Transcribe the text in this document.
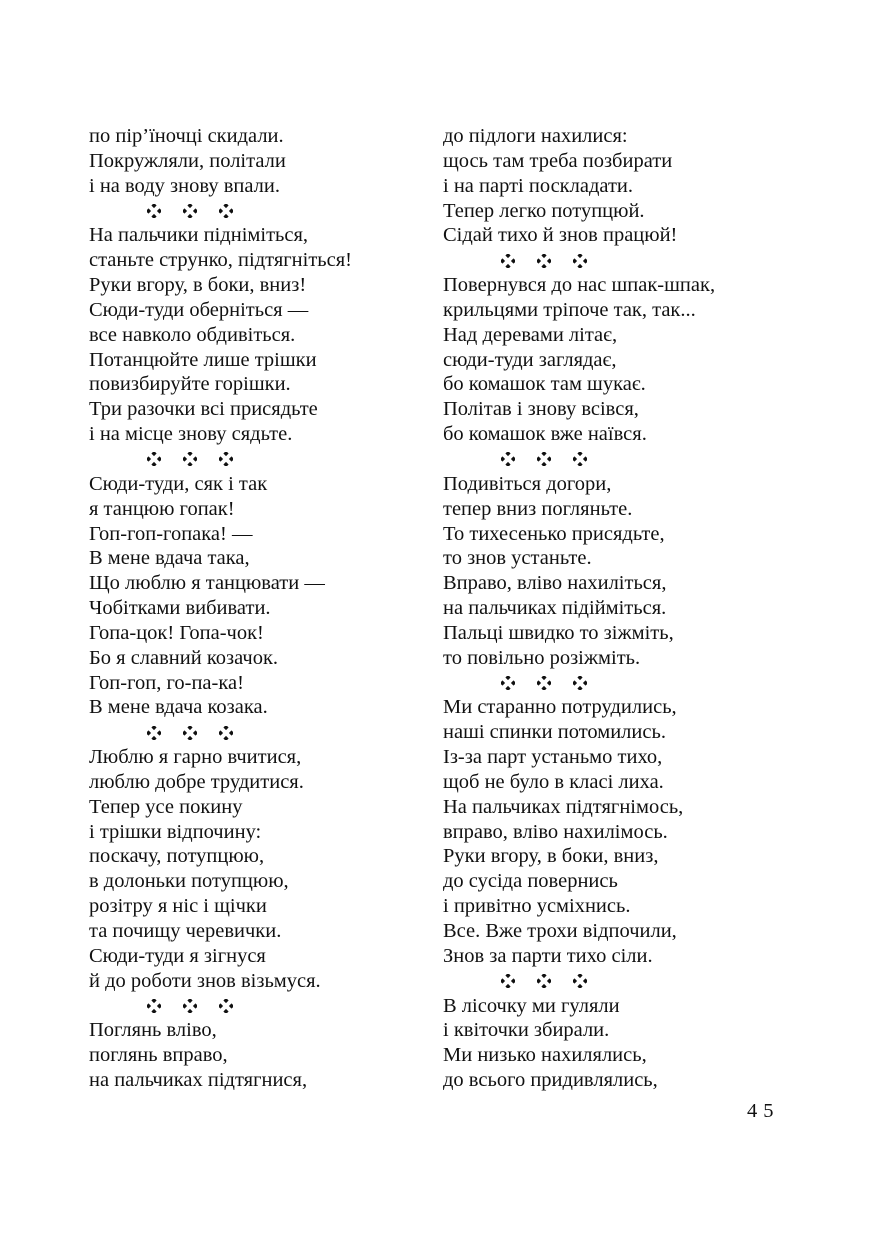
по пір’їночці скидали.
Покружляли, політали
і на воду знову впали.
На пальчики підніміться,
станьте струнко, підтягніться!
Руки вгору, в боки, вниз!
Сюди-туди оберніться —
все навколо обдивіться.
Потанцюйте лише трішки
повизбируйте горішки.
Три разочки всі присядьте
і на місце знову сядьте.
Сюди-туди, сяк і так
я танцюю гопак!
Гоп-гоп-гопака! —
В мене вдача така,
Що люблю я танцювати —
Чобітками вибивати.
Гопа-цок! Гопа-чок!
Бо я славний козачок.
Гоп-гоп, го-па-ка!
В мене вдача козака.
Люблю я гарно вчитися,
люблю добре трудитися.
Тепер усе покину
і трішки відпочину:
поскачу, потупцюю,
в долоньки потупцюю,
розітру я ніс і щічки
та почищу черевички.
Сюди-туди я зігнуся
й до роботи знов візьмуся.
Поглянь вліво,
поглянь вправо,
на пальчиках підтягнися,
до підлоги нахилися:
щось там треба позбирати
і на парті поскладати.
Тепер легко потупцюй.
Сідай тихо й знов працюй!
Повернувся до нас шпак-шпак,
крильцями тріпоче так, так...
Над деревами літає,
сюди-туди заглядає,
бо комашок там шукає.
Політав і знову всівся,
бо комашок вже наївся.
Подивіться догори,
тепер вниз погляньте.
То тихесенько присядьте,
то знов устаньте.
Вправо, вліво нахиліться,
на пальчиках підійміться.
Пальці швидко то зіжміть,
то повільно розіжміть.
Ми старанно потрудились,
наші спинки потомились.
Із-за парт устаньмо тихо,
щоб не було в класі лиха.
На пальчиках підтягнімось,
вправо, вліво нахилімось.
Руки вгору, в боки, вниз,
до сусіда повернись
і привітно усміхнись.
Все. Вже трохи відпочили,
Знов за парти тихо сіли.
В лісочку ми гуляли
і квіточки збирали.
Ми низько нахилялись,
до всього придивлялись,
45
